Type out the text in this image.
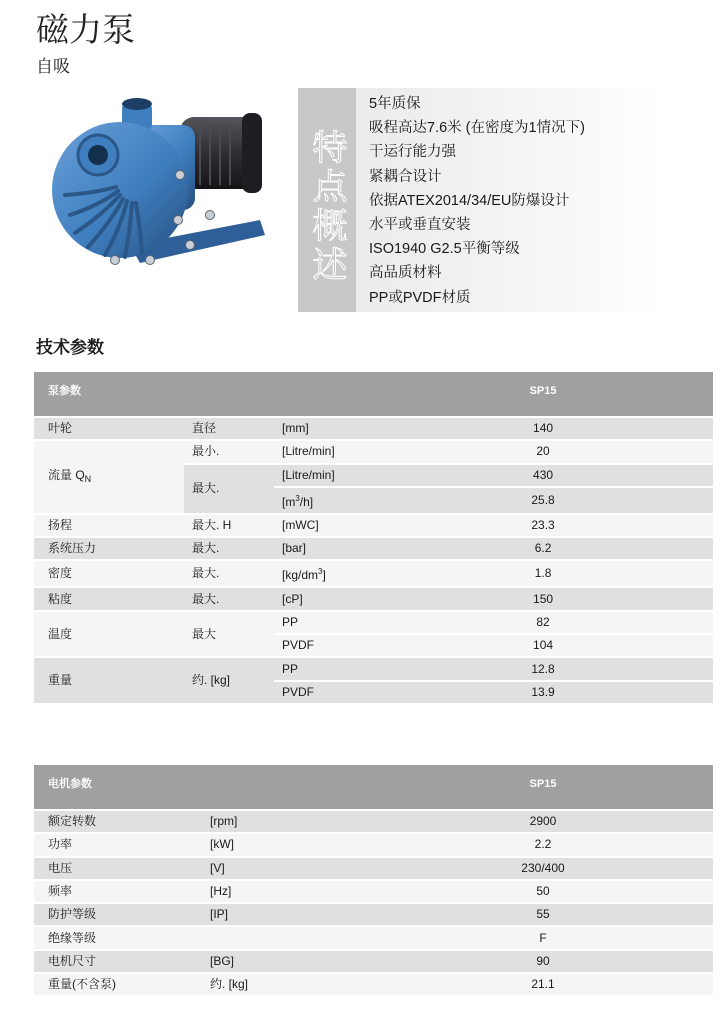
磁力泵
自吸
特点概述
5年质保
吸程高达7.6米 (在密度为1情况下)
干运行能力强
紧耦合设计
依据ATEX2014/34/EU防爆设计
水平或垂直安装
ISO1940 G2.5平衡等级
高品质材料
PP或PVDF材质
技术参数
泵参数			SP15
叶轮	直径	[mm]	140
流量 $Q_N$	最小.	[Litre/min]	20
	最大.	[Litre/min]	430
		$[m^3/h]$	25.8
扬程	最大. H	[mWC]	23.3
系统压力	最大.	[bar]	6.2
密度	最大.	$[kg/dm^3]$	1.8
粘度	最大.	[cP]	150
温度	最大	PP	82
		PVDF	104
重量	约. [kg]	PP	12.8
		PVDF	13.9
电机参数		SP15
额定转数	[rpm]	2900
功率	[kW]	2.2
电压	[V]	230/400
频率	[Hz]	50
防护等级	[IP]	55
绝缘等级		F
电机尺寸	[BG]	90
重量(不含泵)	约. [kg]	21.1
